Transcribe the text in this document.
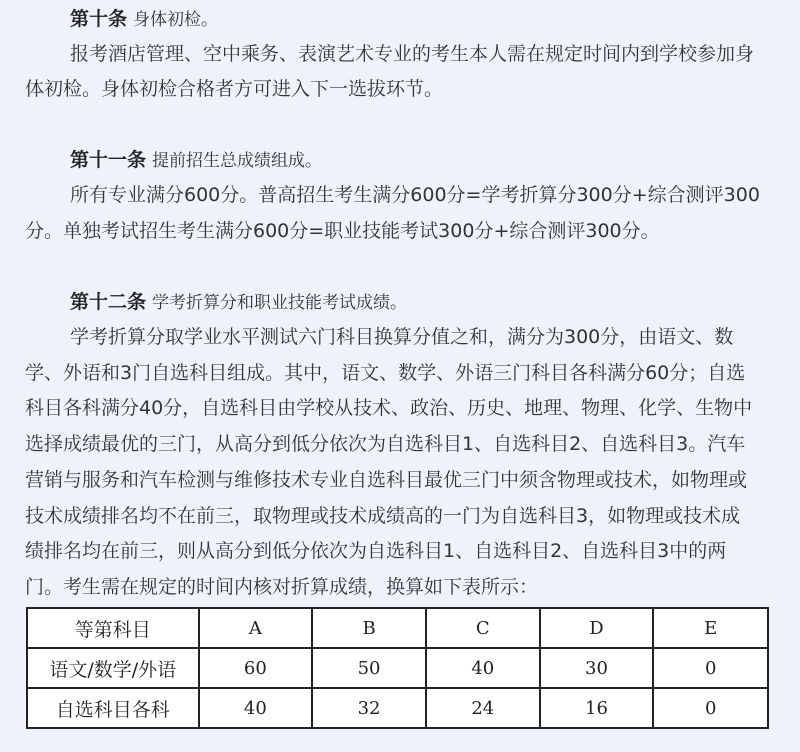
第十条 身体初检。
报考酒店管理、空中乘务、表演艺术专业的考生本人需在规定时间内到学校参加身
体初检。身体初检合格者方可进入下一选拔环节。
第十一条 提前招生总成绩组成。
所有专业满分600分。普高招生考生满分600分=学考折算分300分+综合测评300
分。单独考试招生考生满分600分=职业技能考试300分+综合测评300分。
第十二条 学考折算分和职业技能考试成绩。
学考折算分取学业水平测试六门科目换算分值之和，满分为300分，由语文、数
学、外语和3门自选科目组成。其中，语文、数学、外语三门科目各科满分60分；自选
科目各科满分40分，自选科目由学校从技术、政治、历史、地理、物理、化学、生物中
选择成绩最优的三门，从高分到低分依次为自选科目1、自选科目2、自选科目3。汽车
营销与服务和汽车检测与维修技术专业自选科目最优三门中须含物理或技术，如物理或
技术成绩排名均不在前三，取物理或技术成绩高的一门为自选科目3，如物理或技术成
绩排名均在前三，则从高分到低分依次为自选科目1、自选科目2、自选科目3中的两
门。考生需在规定的时间内核对折算成绩，换算如下表所示：
等第科目	A	B	C	D	E
语文/数学/外语	60	50	40	30	0
自选科目各科	40	32	24	16	0
